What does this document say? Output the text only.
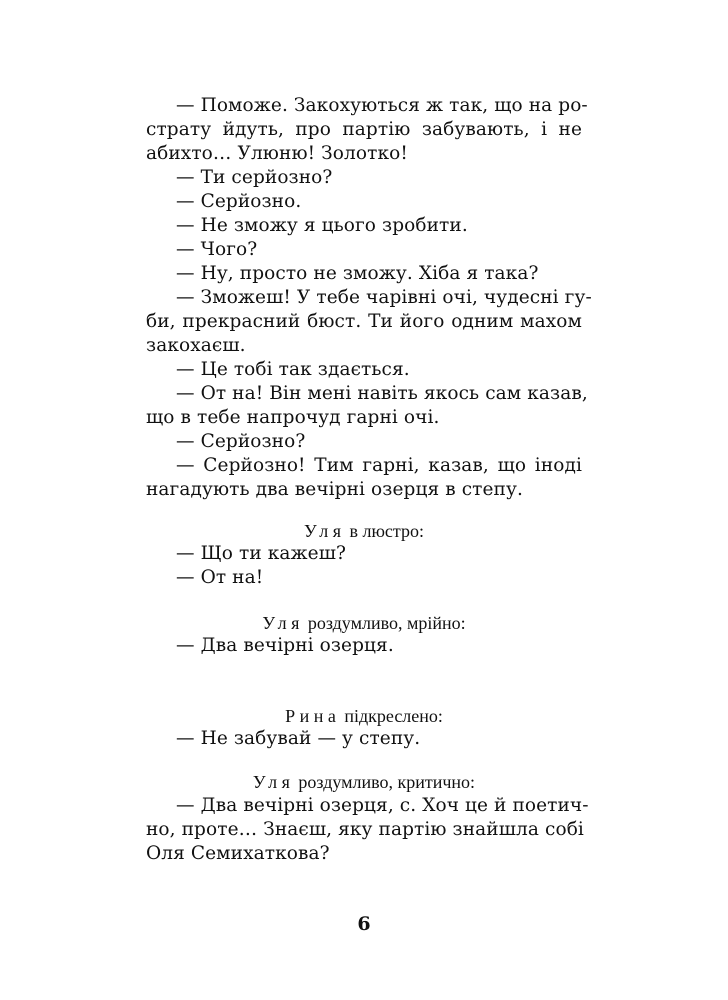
— Поможе. Закохуються ж так, що на ро-
страту йдуть, про партію забувають, і не
абихто… Улюню! Золотко!
— Ти серйозно?
— Серйозно.
— Не зможу я цього зробити.
— Чого?
— Ну, просто не зможу. Хіба я така?
— Зможеш! У тебе чарівні очі, чудесні гу-
би, прекрасний бюст. Ти його одним махом
закохаєш.
— Це тобі так здається.
— От на! Він мені навіть якось сам казав,
що в тебе напрочуд гарні очі.
— Серйозно?
— Серйозно! Тим гарні, казав, що іноді
нагадують два вечірні озерця в степу.
Уля в люстро:
— Що ти кажеш?
— От на!
Уля роздумливо, мрійно:
— Два вечірні озерця.
Рина підкреслено:
— Не забувай — у степу.
Уля роздумливо, критично:
— Два вечірні озерця, с. Хоч це й поетич-
но, проте… Знаєш, яку партію знайшла собі
Оля Семихаткова?
6
